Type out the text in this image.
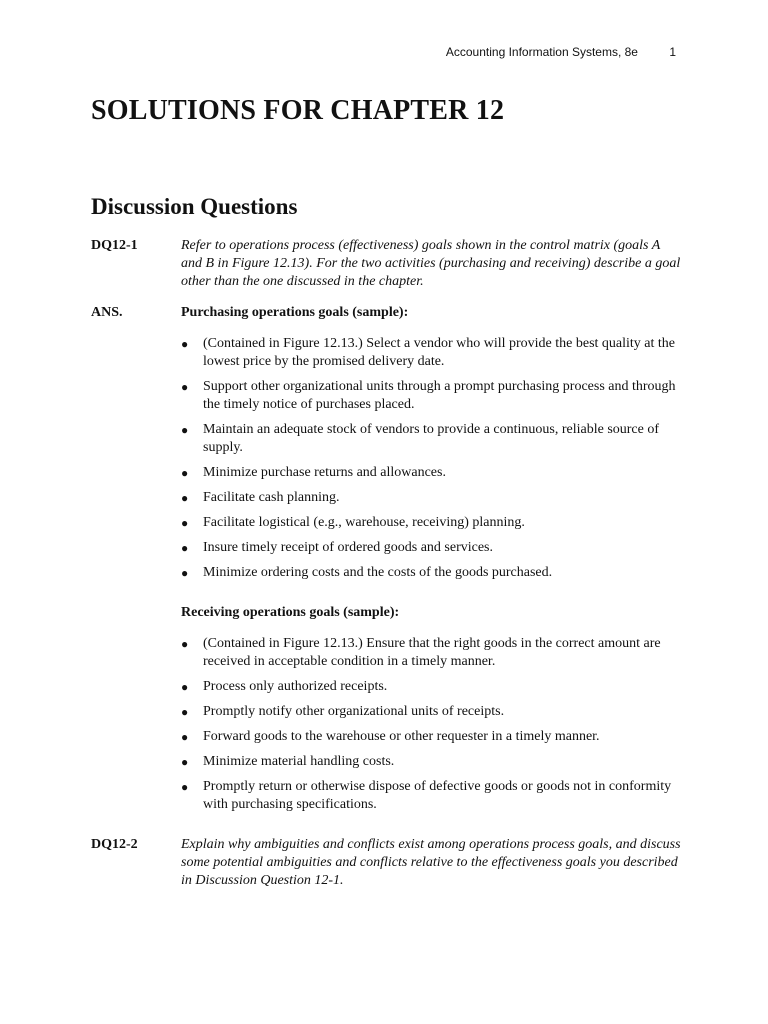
Accounting Information Systems, 8e	1
SOLUTIONS FOR CHAPTER 12
Discussion Questions
DQ12-1	Refer to operations process (effectiveness) goals shown in the control matrix (goals A and B in Figure 12.13). For the two activities (purchasing and receiving) describe a goal other than the one discussed in the chapter.
ANS.	Purchasing operations goals (sample):
● (Contained in Figure 12.13.) Select a vendor who will provide the best quality at the lowest price by the promised delivery date.
● Support other organizational units through a prompt purchasing process and through the timely notice of purchases placed.
● Maintain an adequate stock of vendors to provide a continuous, reliable source of supply.
● Minimize purchase returns and allowances.
● Facilitate cash planning.
● Facilitate logistical (e.g., warehouse, receiving) planning.
● Insure timely receipt of ordered goods and services.
● Minimize ordering costs and the costs of the goods purchased.
Receiving operations goals (sample):
● (Contained in Figure 12.13.) Ensure that the right goods in the correct amount are received in acceptable condition in a timely manner.
● Process only authorized receipts.
● Promptly notify other organizational units of receipts.
● Forward goods to the warehouse or other requester in a timely manner.
● Minimize material handling costs.
● Promptly return or otherwise dispose of defective goods or goods not in conformity with purchasing specifications.
DQ12-2	Explain why ambiguities and conflicts exist among operations process goals, and discuss some potential ambiguities and conflicts relative to the effectiveness goals you described in Discussion Question 12-1.
